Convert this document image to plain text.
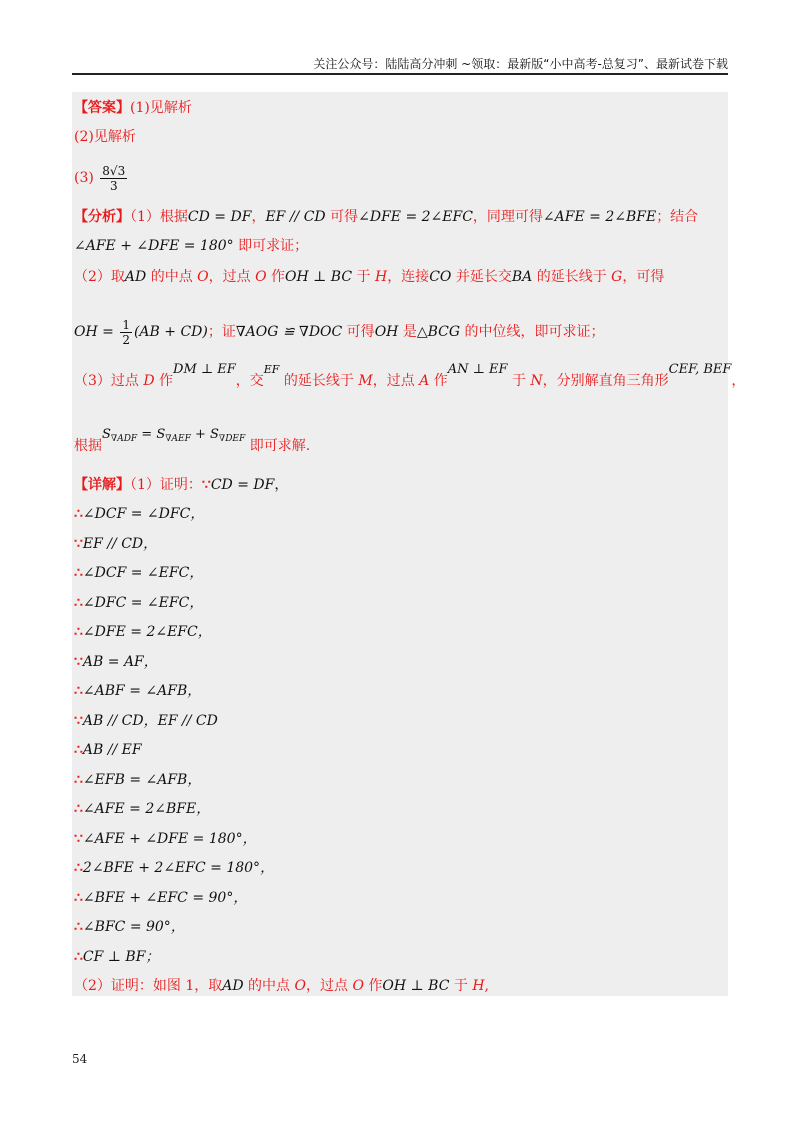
关注公众号：陆陆高分冲刺 ~领取：最新版“小中高考-总复习”、最新试卷下载
【答案】(1)见解析
(2)见解析
$(3) \frac{8√3}{3}$
【分析】（1）根据CD = DF，EF // CD 可得∠DFE = 2∠EFC，同理可得∠AFE = 2∠BFE；结合
∠AFE + ∠DFE = 180° 即可求证；
（2）取AD 的中点 O，过点 O 作OH ⊥ BC 于 H，连接CO 并延长交BA 的延长线于 G，可得
OH = $\frac{1}{2} (AB + CD)$；证∇AOG ≌ ∇DOC 可得OH 是△BCG 的中位线，即可求证；
（3）过点 D 作DM ⊥ EF，交$^{EF}$ 的延长线于 M，过点 A 作AN ⊥ EF 于 N，分别解直角三角形CEF, BEF，
根据$S_{\nabla ADF} = S_{\nabla AEF} + S_{\nabla DEF}$ 即可求解.
【详解】（1）证明：∵CD = DF，
∴∠DCF = ∠DFC，
∵EF // CD，
∴∠DCF = ∠EFC，
∴∠DFC = ∠EFC，
∴∠DFE = 2∠EFC，
∵AB = AF，
∴∠ABF = ∠AFB，
∵AB // CD，EF // CD
∴AB // EF
∴∠EFB = ∠AFB，
∴∠AFE = 2∠BFE，
∵∠AFE + ∠DFE = 180°，
∴2∠BFE + 2∠EFC = 180°，
∴∠BFE + ∠EFC = 90°，
∴∠BFC = 90°，
∴CF ⊥ BF；
（2）证明：如图 1，取AD 的中点 O，过点 O 作OH ⊥ BC 于 H,
54
